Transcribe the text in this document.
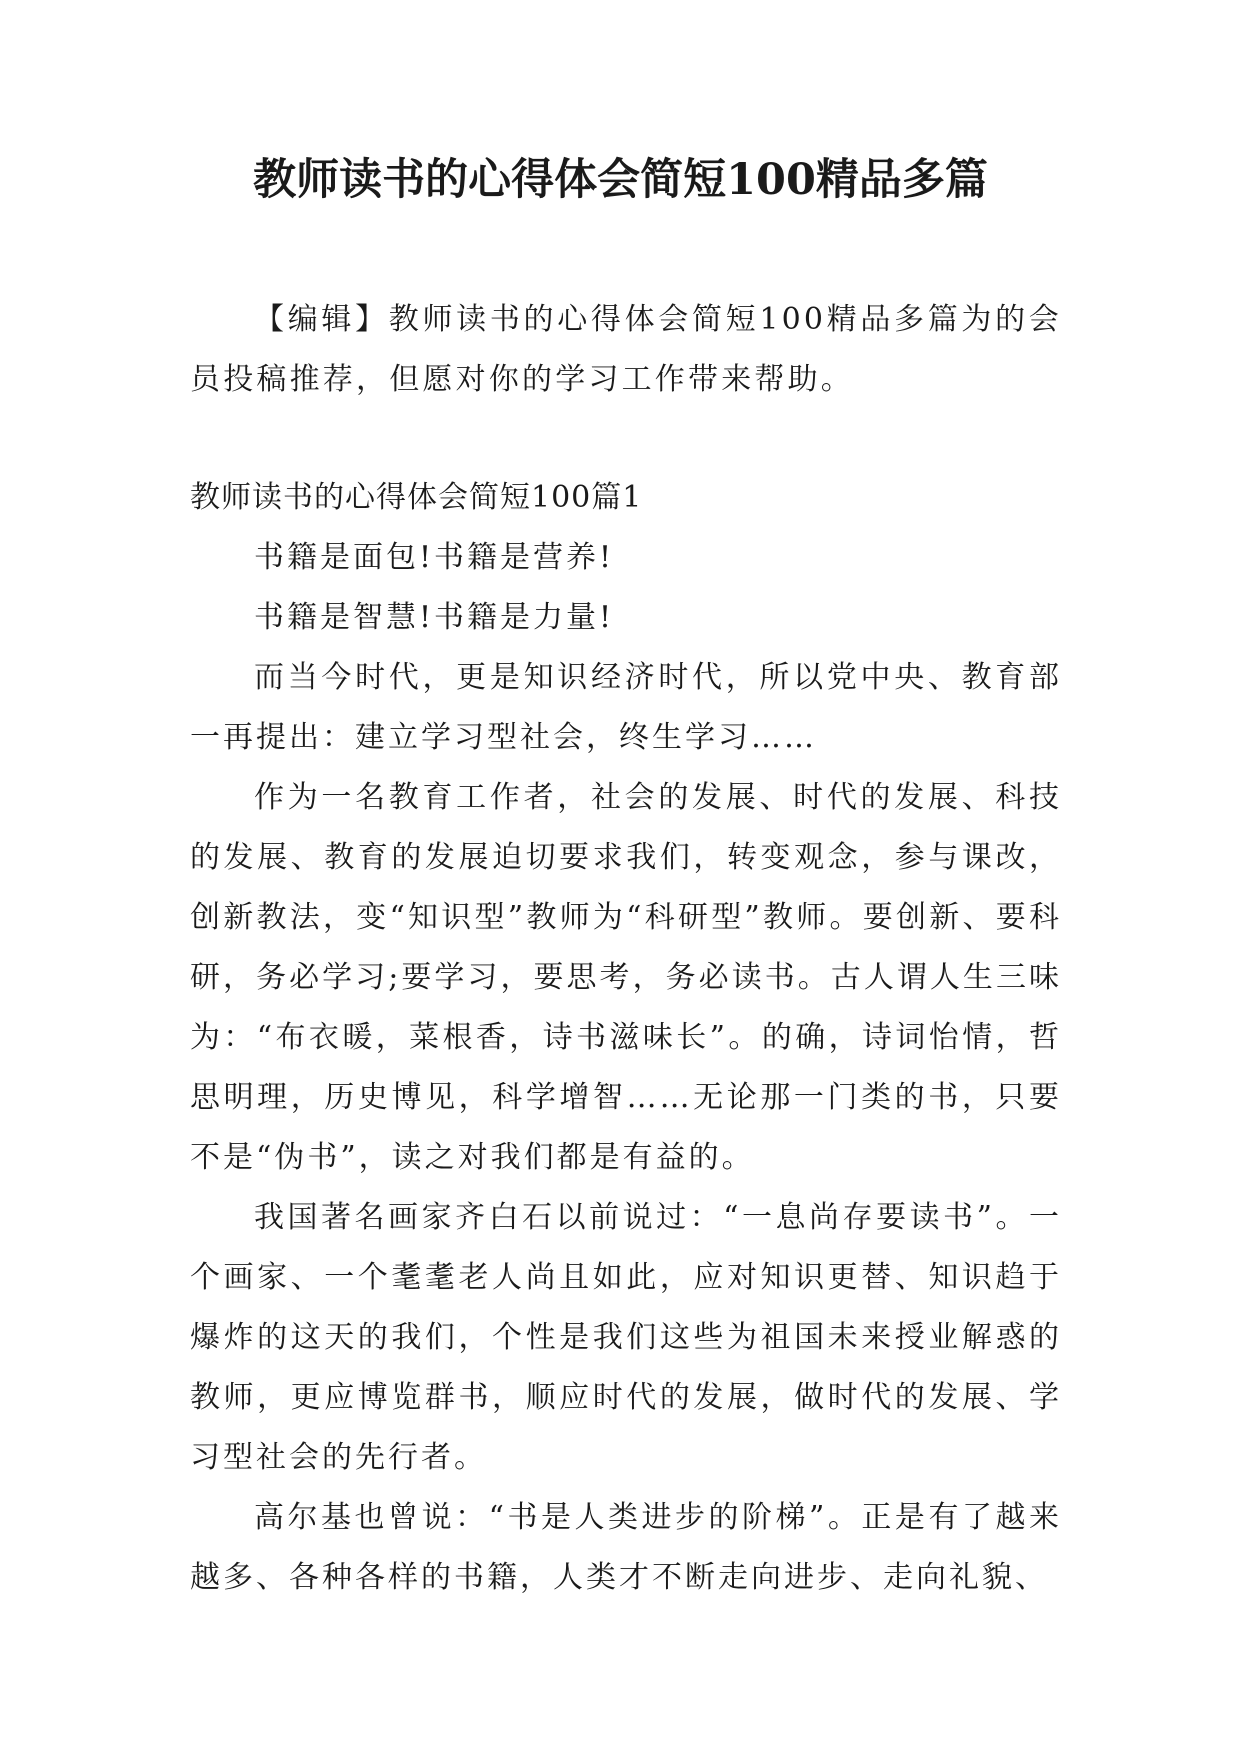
教师读书的心得体会简短100精品多篇

【编辑】教师读书的心得体会简短100精品多篇为的会员投稿推荐，但愿对你的学习工作带来帮助。

教师读书的心得体会简短100篇1

书籍是面包!书籍是营养!

书籍是智慧!书籍是力量!

而当今时代，更是知识经济时代，所以党中央、教育部一再提出：建立学习型社会，终生学习……

作为一名教育工作者，社会的发展、时代的发展、科技的发展、教育的发展迫切要求我们，转变观念，参与课改，创新教法，变“知识型”教师为“科研型”教师。要创新、要科研，务必学习;要学习，要思考，务必读书。古人谓人生三味为：“布衣暖，菜根香，诗书滋味长”。的确，诗词怡情，哲思明理，历史博见，科学增智……无论那一门类的书，只要不是“伪书”，读之对我们都是有益的。

我国著名画家齐白石以前说过：“一息尚存要读书”。一个画家、一个耄耄老人尚且如此，应对知识更替、知识趋于爆炸的这天的我们，个性是我们这些为祖国未来授业解惑的教师，更应博览群书，顺应时代的发展，做时代的发展、学习型社会的先行者。

高尔基也曾说：“书是人类进步的阶梯”。正是有了越来越多、各种各样的书籍，人类才不断走向进步、走向礼貌、
